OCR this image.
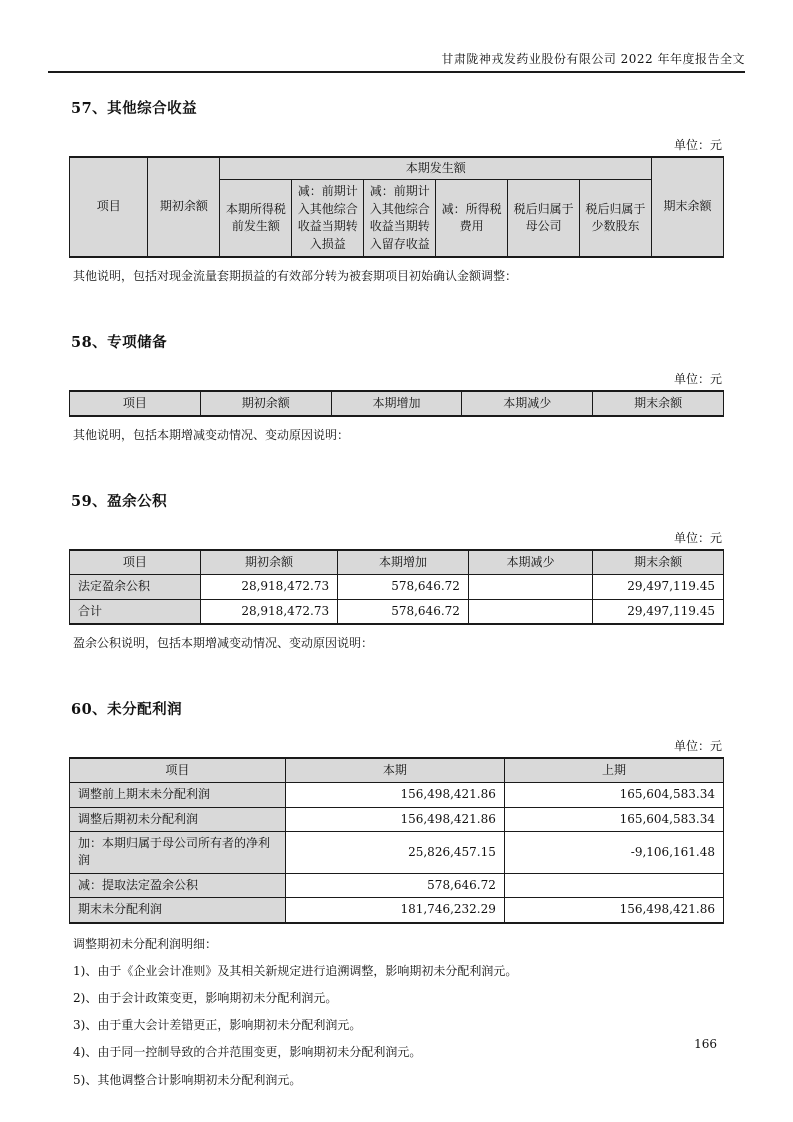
甘肃陇神戎发药业股份有限公司 2022 年年度报告全文
57、其他综合收益
单位：元
项目	期初余额	本期发生额						期末余额
		本期所得税前发生额	减：前期计入其他综合收益当期转入损益	减：前期计入其他综合收益当期转入留存收益	减：所得税费用	税后归属于母公司	税后归属于少数股东	

其他说明，包括对现金流量套期损益的有效部分转为被套期项目初始确认金额调整：

58、专项储备
单位：元
项目	期初余额	本期增加	本期减少	期末余额

其他说明，包括本期增减变动情况、变动原因说明：

59、盈余公积
单位：元
项目	期初余额	本期增加	本期减少	期末余额
法定盈余公积	28,918,472.73	578,646.72		29,497,119.45
合计	28,918,472.73	578,646.72		29,497,119.45

盈余公积说明，包括本期增减变动情况、变动原因说明：

60、未分配利润
单位：元
项目	本期	上期
调整前上期末未分配利润	156,498,421.86	165,604,583.34
调整后期初未分配利润	156,498,421.86	165,604,583.34
加：本期归属于母公司所有者的净利润	25,826,457.15	-9,106,161.48
减：提取法定盈余公积	578,646.72	
期末未分配利润	181,746,232.29	156,498,421.86

调整期初未分配利润明细：

1)、由于《企业会计准则》及其相关新规定进行追溯调整，影响期初未分配利润元。

2)、由于会计政策变更，影响期初未分配利润元。

3)、由于重大会计差错更正，影响期初未分配利润元。

4)、由于同一控制导致的合并范围变更，影响期初未分配利润元。

5)、其他调整合计影响期初未分配利润元。

166
